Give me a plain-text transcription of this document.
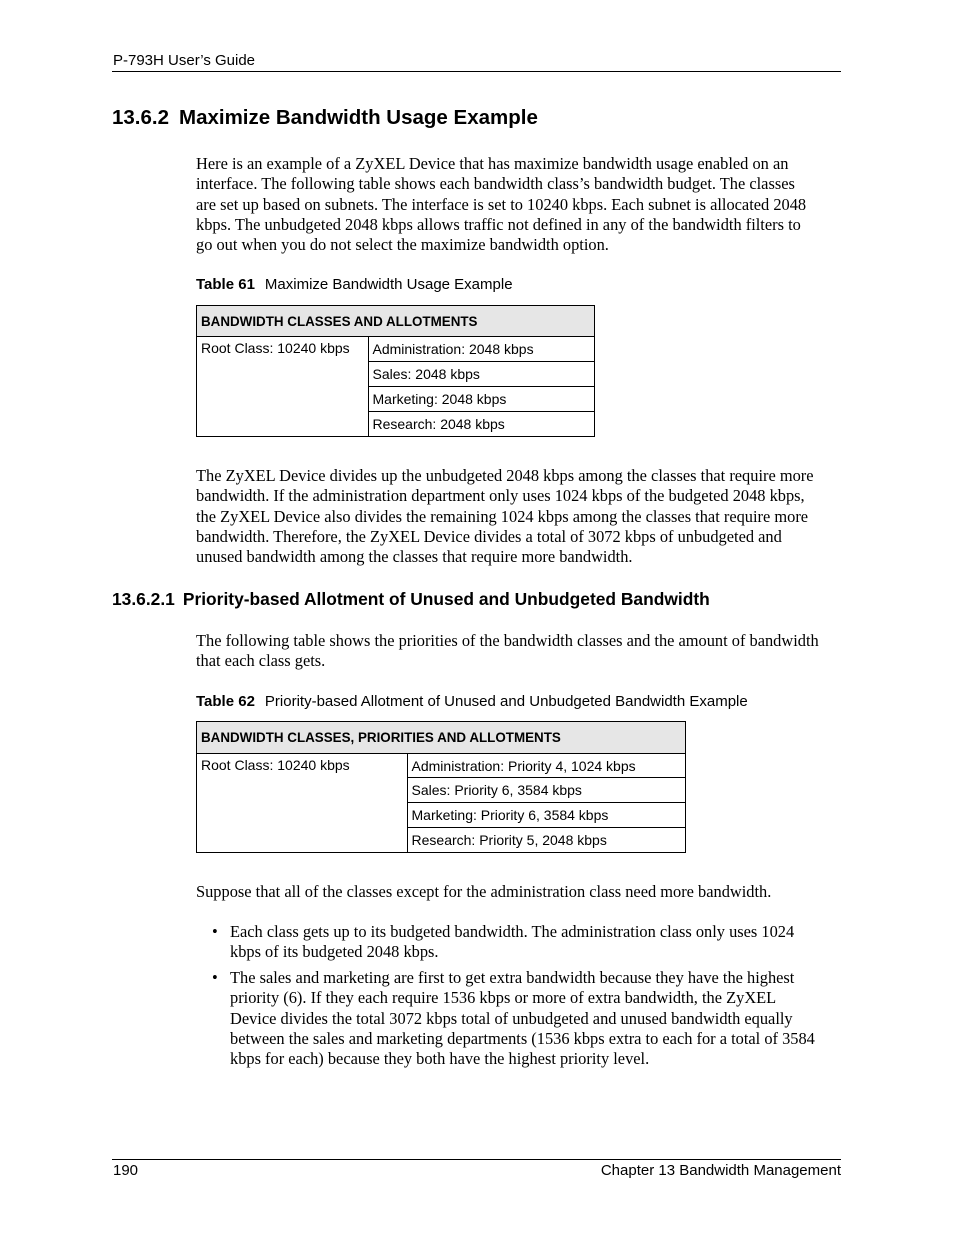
P-793H User’s Guide
13.6.2 Maximize Bandwidth Usage Example
Here is an example of a ZyXEL Device that has maximize bandwidth usage enabled on an
interface. The following table shows each bandwidth class’s bandwidth budget. The classes
are set up based on subnets. The interface is set to 10240 kbps. Each subnet is allocated 2048
kbps. The unbudgeted 2048 kbps allows traffic not defined in any of the bandwidth filters to
go out when you do not select the maximize bandwidth option.
Table 61 Maximize Bandwidth Usage Example
BANDWIDTH CLASSES AND ALLOTMENTS
Root Class: 10240 kbps	Administration: 2048 kbps
Sales: 2048 kbps
Marketing: 2048 kbps
Research: 2048 kbps
The ZyXEL Device divides up the unbudgeted 2048 kbps among the classes that require more
bandwidth. If the administration department only uses 1024 kbps of the budgeted 2048 kbps,
the ZyXEL Device also divides the remaining 1024 kbps among the classes that require more
bandwidth. Therefore, the ZyXEL Device divides a total of 3072 kbps of unbudgeted and
unused bandwidth among the classes that require more bandwidth.
13.6.2.1 Priority-based Allotment of Unused and Unbudgeted Bandwidth
The following table shows the priorities of the bandwidth classes and the amount of bandwidth
that each class gets.
Table 62 Priority-based Allotment of Unused and Unbudgeted Bandwidth Example
BANDWIDTH CLASSES, PRIORITIES AND ALLOTMENTS
Root Class: 10240 kbps	Administration: Priority 4, 1024 kbps
Sales: Priority 6, 3584 kbps
Marketing: Priority 6, 3584 kbps
Research: Priority 5, 2048 kbps
Suppose that all of the classes except for the administration class need more bandwidth.
• Each class gets up to its budgeted bandwidth. The administration class only uses 1024
kbps of its budgeted 2048 kbps.
• The sales and marketing are first to get extra bandwidth because they have the highest
priority (6). If they each require 1536 kbps or more of extra bandwidth, the ZyXEL
Device divides the total 3072 kbps total of unbudgeted and unused bandwidth equally
between the sales and marketing departments (1536 kbps extra to each for a total of 3584
kbps for each) because they both have the highest priority level.
190	Chapter 13 Bandwidth Management
